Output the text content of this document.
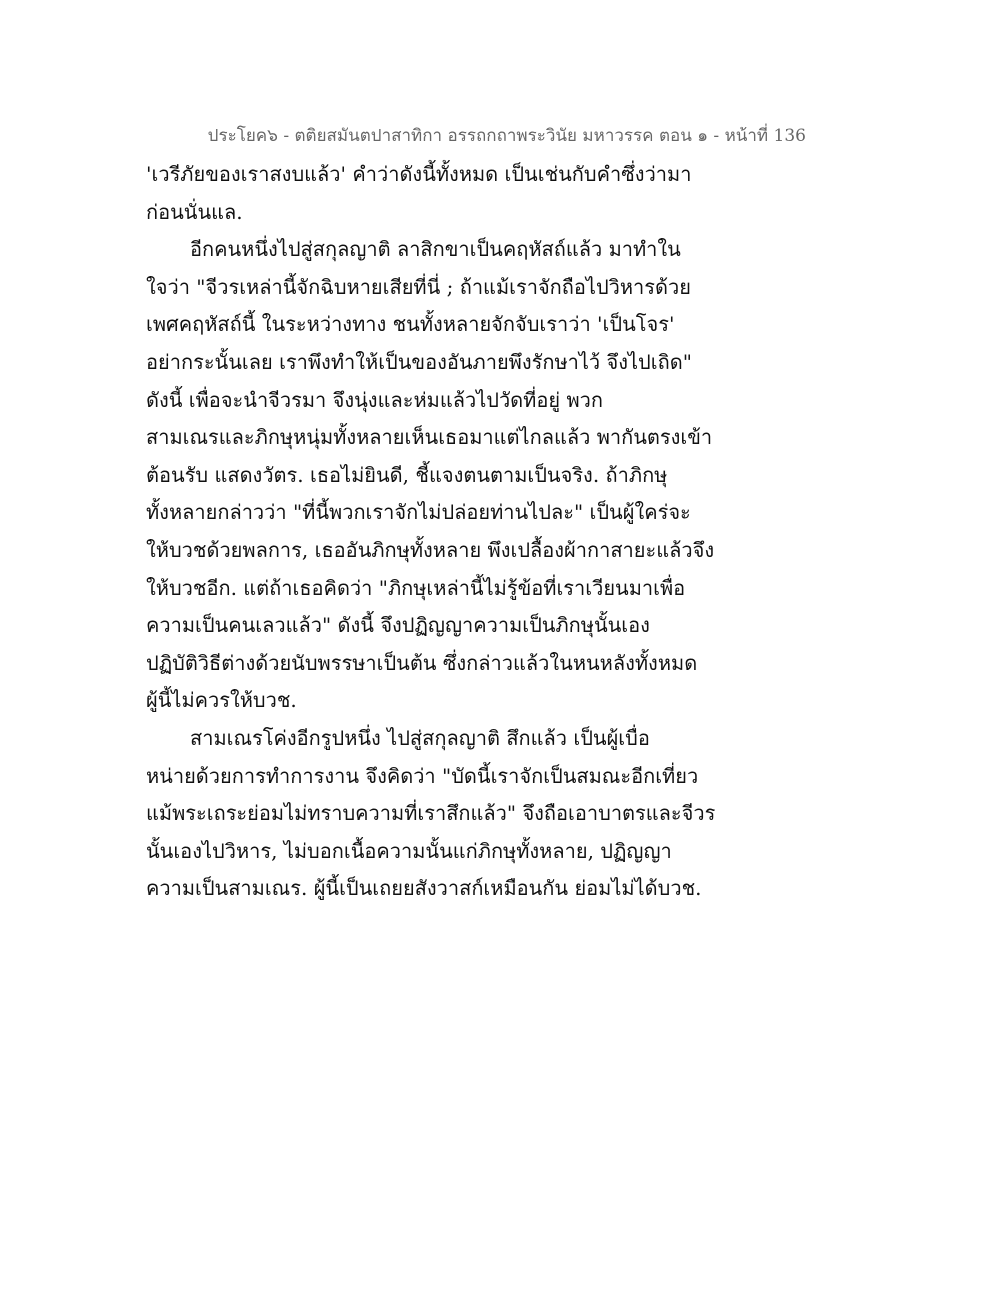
ประโยค๖ - ตติยสมันตปาสาทิกา อรรถกถาพระวินัย มหาวรรค ตอน ๑ - หน้าที่ 136
'เวรีภัยของเราสงบแล้ว' คำว่าดังนี้ทั้งหมด เป็นเช่นกับคำซึ่งว่ามา
ก่อนนั่นแล.
อีกคนหนึ่งไปสู่สกุลญาติ ลาสิกขาเป็นคฤหัสถ์แล้ว มาทำใน
ใจว่า "จีวรเหล่านี้จักฉิบหายเสียที่นี่ ; ถ้าแม้เราจักถือไปวิหารด้วย
เพศคฤหัสถ์นี้ ในระหว่างทาง ชนทั้งหลายจักจับเราว่า 'เป็นโจร'
อย่ากระนั้นเลย เราพึงทำให้เป็นของอันภายพึงรักษาไว้ จึงไปเถิด"
ดังนี้ เพื่อจะนำจีวรมา จึงนุ่งและห่มแล้วไปวัดที่อยู่ พวก
สามเณรและภิกษุหนุ่มทั้งหลายเห็นเธอมาแต่ไกลแล้ว พากันตรงเข้า
ต้อนรับ แสดงวัตร. เธอไม่ยินดี, ชี้แจงตนตามเป็นจริง. ถ้าภิกษุ
ทั้งหลายกล่าวว่า "ที่นี้พวกเราจักไม่ปล่อยท่านไปละ" เป็นผู้ใคร่จะ
ให้บวชด้วยพลการ, เธออันภิกษุทั้งหลาย พึงเปลื้องผ้ากาสายะแล้วจึง
ให้บวชอีก. แต่ถ้าเธอคิดว่า "ภิกษุเหล่านี้ไม่รู้ข้อที่เราเวียนมาเพื่อ
ความเป็นคนเลวแล้ว" ดังนี้ จึงปฏิญญาความเป็นภิกษุนั้นเอง
ปฏิบัติวิธีต่างด้วยนับพรรษาเป็นต้น ซึ่งกล่าวแล้วในหนหลังทั้งหมด
ผู้นี้ไม่ควรให้บวช.
สามเณรโค่งอีกรูปหนึ่ง ไปสู่สกุลญาติ สึกแล้ว เป็นผู้เบื่อ
หน่ายด้วยการทำการงาน จึงคิดว่า "บัดนี้เราจักเป็นสมณะอีกเที่ยว
แม้พระเถระย่อมไม่ทราบความที่เราสึกแล้ว" จึงถือเอาบาตรและจีวร
นั้นเองไปวิหาร, ไม่บอกเนื้อความนั้นแก่ภิกษุทั้งหลาย, ปฏิญญา
ความเป็นสามเณร. ผู้นี้เป็นเถยยสังวาสก์เหมือนกัน ย่อมไม่ได้บวช.
